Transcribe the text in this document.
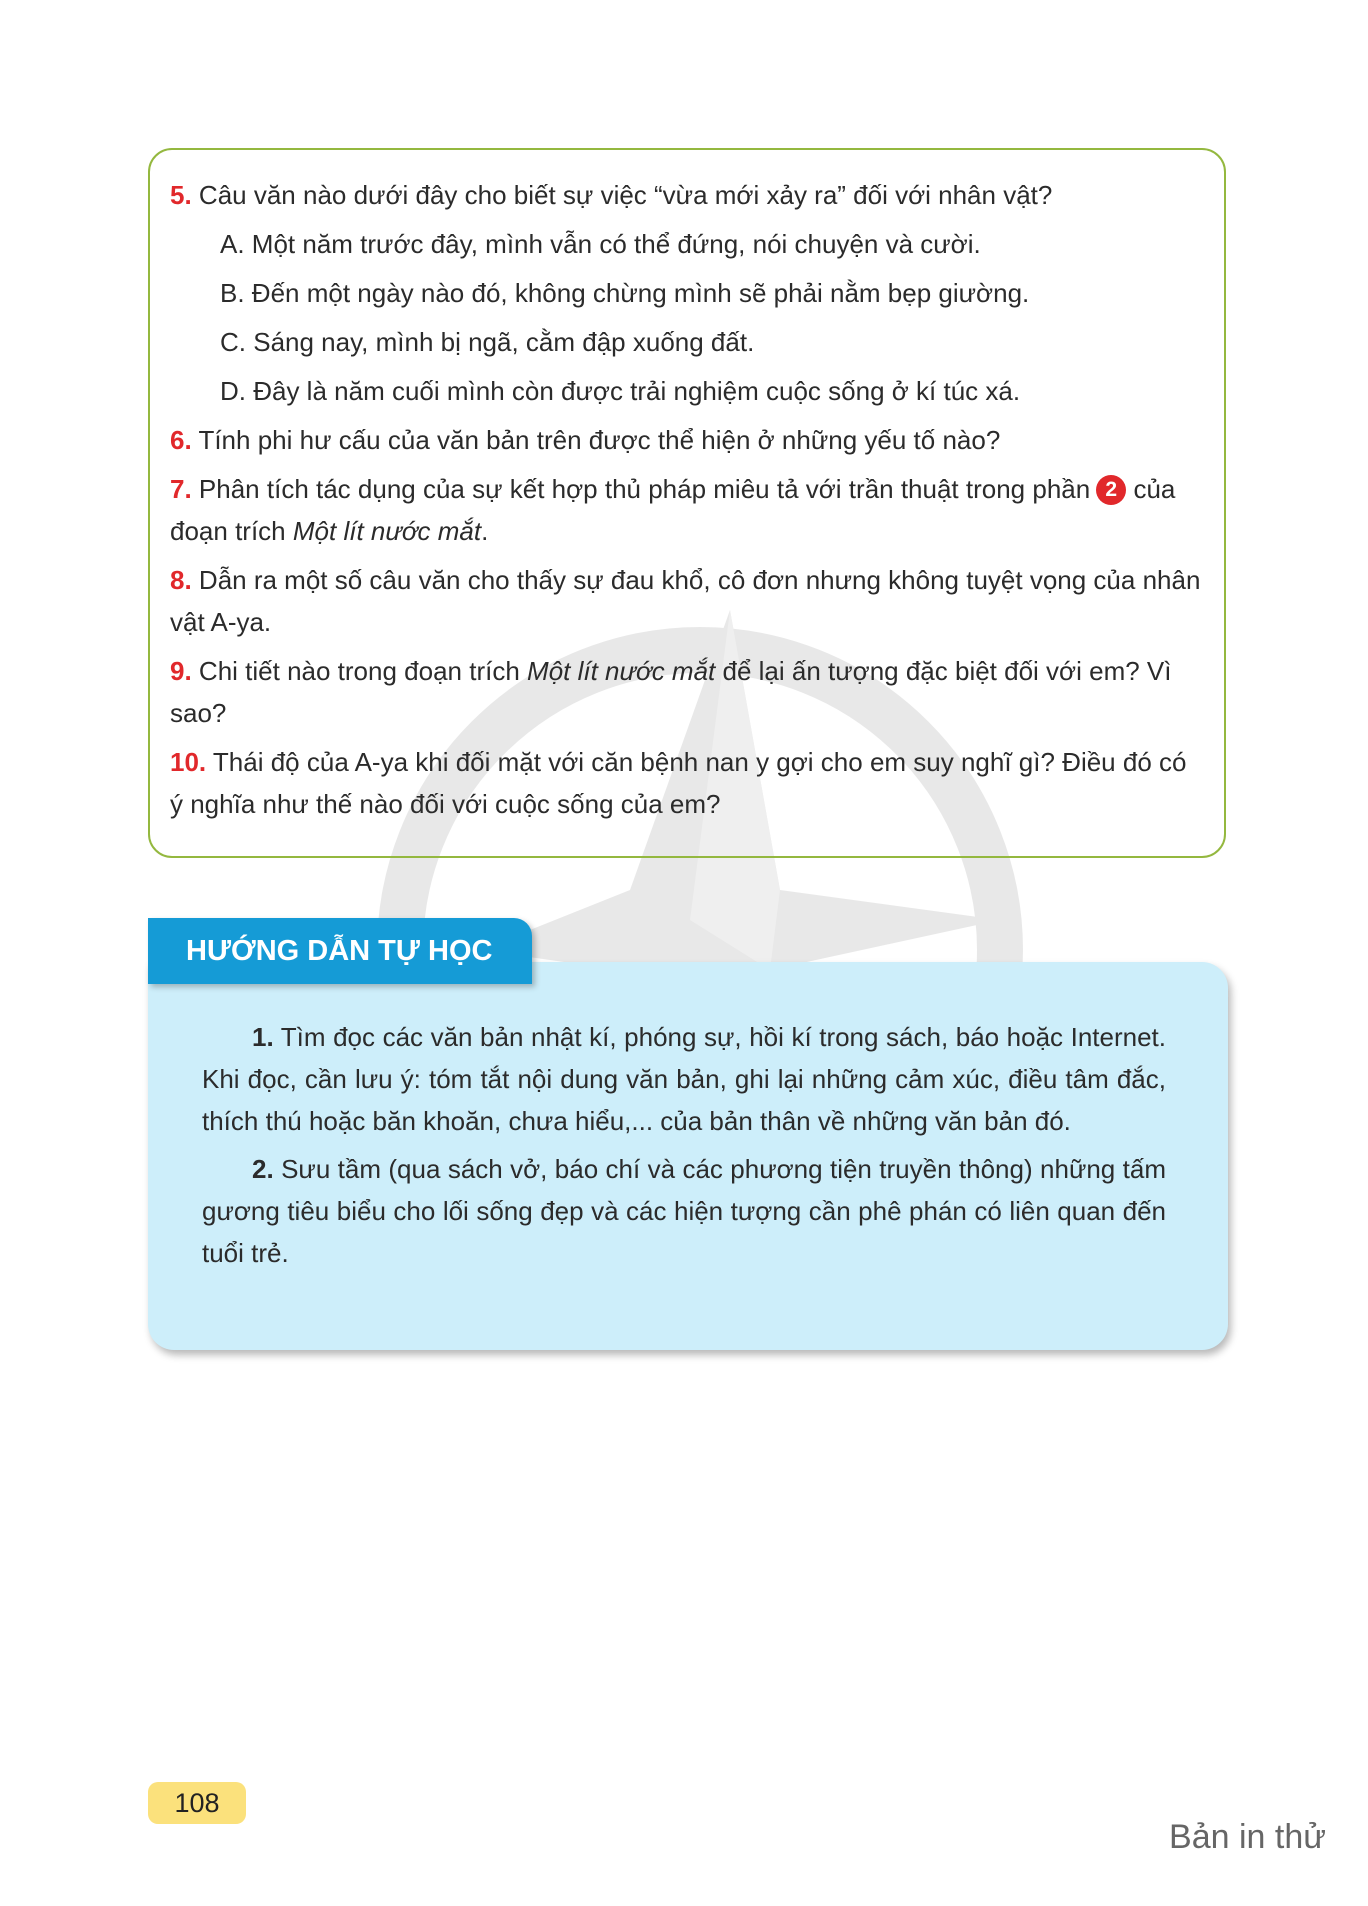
5. Câu văn nào dưới đây cho biết sự việc “vừa mới xảy ra” đối với nhân vật?

A. Một năm trước đây, mình vẫn có thể đứng, nói chuyện và cười.

B. Đến một ngày nào đó, không chừng mình sẽ phải nằm bẹp giường.

C. Sáng nay, mình bị ngã, cằm đập xuống đất.

D. Đây là năm cuối mình còn được trải nghiệm cuộc sống ở kí túc xá.

6. Tính phi hư cấu của văn bản trên được thể hiện ở những yếu tố nào?

7. Phân tích tác dụng của sự kết hợp thủ pháp miêu tả với trần thuật trong phần 2 của đoạn trích Một lít nước mắt.

8. Dẫn ra một số câu văn cho thấy sự đau khổ, cô đơn nhưng không tuyệt vọng của nhân vật A-ya.

9. Chi tiết nào trong đoạn trích Một lít nước mắt để lại ấn tượng đặc biệt đối với em? Vì sao?

10. Thái độ của A-ya khi đối mặt với căn bệnh nan y gợi cho em suy nghĩ gì? Điều đó có ý nghĩa như thế nào đối với cuộc sống của em?

1. Tìm đọc các văn bản nhật kí, phóng sự, hồi kí trong sách, báo hoặc Internet. Khi đọc, cần lưu ý: tóm tắt nội dung văn bản, ghi lại những cảm xúc, điều tâm đắc, thích thú hoặc băn khoăn, chưa hiểu,... của bản thân về những văn bản đó.

2. Sưu tầm (qua sách vở, báo chí và các phương tiện truyền thông) những tấm gương tiêu biểu cho lối sống đẹp và các hiện tượng cần phê phán có liên quan đến tuổi trẻ.

HƯỚNG DẪN TỰ HỌC
108
Bản in thử
